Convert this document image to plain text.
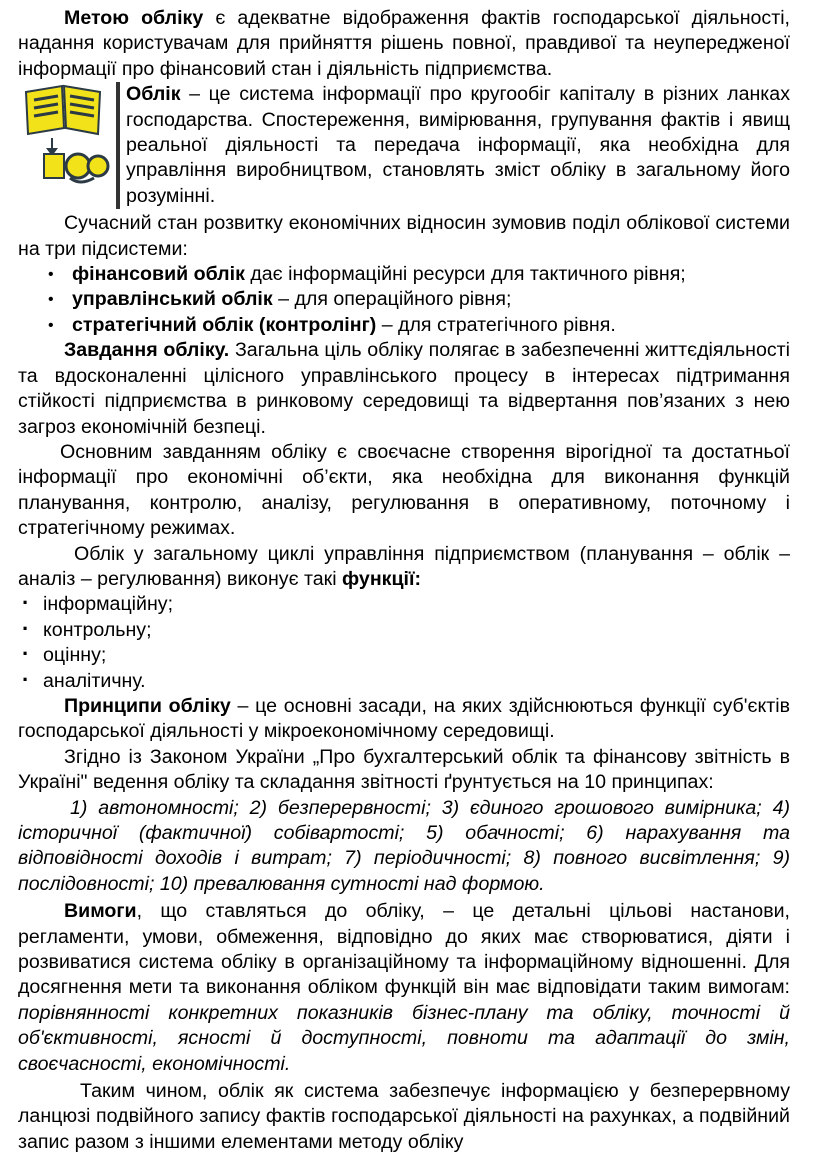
Метою обліку є адекватне відображення фактів господарської діяльності, надання користувачам для прийняття рішень повної, правдивої та неупередженої інформації про фінансовий стан і діяльність підприємства.

Облік – це система інформації про кругообіг капіталу в різних ланках господарства. Спостереження, вимірювання, групування фактів і явищ реальної діяльності та передача інформації, яка необхідна для управління виробництвом, становлять зміст обліку в загальному його розумінні.

Сучасний стан розвитку економічних відносин зумовив поділ облікової системи на три підсистеми:

• фінансовий облік дає інформаційні ресурси для тактичного рівня;
• управлінський облік – для операційного рівня;
• стратегічний облік (контролінг) – для стратегічного рівня.

Завдання обліку. Загальна ціль обліку полягає в забезпеченні життєдіяльності та вдосконаленні цілісного управлінського процесу в інтересах підтримання стійкості підприємства в ринковому середовищі та відвертання пов’язаних з нею загроз економічній безпеці.

Основним завданням обліку є своєчасне створення вірогідної та достатньої інформації про економічні об’єкти, яка необхідна для виконання функцій планування, контролю, аналізу, регулювання в оперативному, поточному і стратегічному режимах.

Облік у загальному циклі управління підприємством (планування – облік – аналіз – регулювання) виконує такі функції:

· інформаційну;
· контрольну;
· оцінну;
· аналітичну.

Принципи обліку – це основні засади, на яких здійснюються функції суб'єктів господарської діяльності у мікроекономічному середовищі.

Згідно із Законом України „Про бухгалтерський облік та фінансову звітність в Україні" ведення обліку та складання звітності ґрунтується на 10 принципах:

1) автономності; 2) безперервності; 3) єдиного грошового вимірника; 4) історичної (фактичної) собівартості; 5) обачності; 6) нарахування та відповідності доходів і витрат; 7) періодичності; 8) повного висвітлення; 9) послідовності; 10) превалювання сутності над формою.

Вимоги, що ставляться до обліку, – це детальні цільові настанови, регламенти, умови, обмеження, відповідно до яких має створюватися, діяти і розвиватися система обліку в організаційному та інформаційному відношенні. Для досягнення мети та виконання обліком функцій він має відповідати таким вимогам: порівнянності конкретних показників бізнес-плану та обліку, точності й об'єктивності, ясності й доступності, повноти та адаптації до змін, своєчасності, економічності.

Таким чином, облік як система забезпечує інформацією у безперервному ланцюзі подвійного запису фактів господарської діяльності на рахунках, а подвійний запис разом з іншими елементами методу обліку
